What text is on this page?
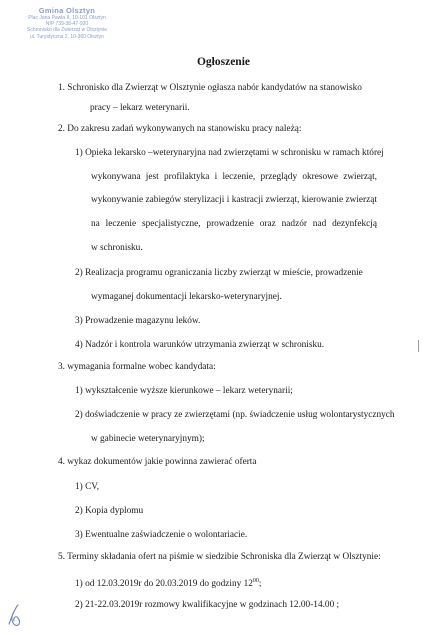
Gmina Olsztyn
Plac Jana Pawła II, 10-101 Olsztyn
NIP 739-38-47-920
Schronisko dla Zwierząt w Olsztynie
ul. Turystyczna 2, 10-360 Olsztyn
Ogłoszenie
1. Schronisko dla Zwierząt w Olsztynie ogłasza nabór kandydatów na stanowisko
pracy – lekarz weterynarii.
2. Do zakresu zadań wykonywanych na stanowisku pracy należą:
1) Opieka lekarsko –weterynaryjna nad zwierzętami w schronisku w ramach której
wykonywana jest profilaktyka i leczenie, przeglądy okresowe zwierząt,
wykonywanie zabiegów sterylizacji i kastracji zwierząt, kierowanie zwierząt
na leczenie specjalistyczne, prowadzenie oraz nadzór nad dezynfekcją
w schronisku.
2) Realizacja programu ograniczania liczby zwierząt w mieście, prowadzenie
wymaganej dokumentacji lekarsko-weterynaryjnej.
3) Prowadzenie magazynu leków.
4) Nadzór i kontrola warunków utrzymania zwierząt w schronisku.
3. wymagania formalne wobec kandydata:
1) wykształcenie wyższe kierunkowe – lekarz weterynarii;
2) doświadczenie w pracy ze zwierzętami (np. świadczenie usług wolontarystycznych
w gabinecie weterynaryjnym);
4. wykaz dokumentów jakie powinna zawierać oferta
1) CV,
2) Kopia dyplomu
3) Ewentualne zaświadczenie o wolontariacie.
5. Terminy składania ofert na piśmie w siedzibie Schroniska dla Zwierząt w Olsztynie:
1) od 12.03.2019r do 20.03.2019 do godziny $12^{00}$;
2) 21-22.03.2019r rozmowy kwalifikacyjne w godzinach 12.00-14.00 ;
